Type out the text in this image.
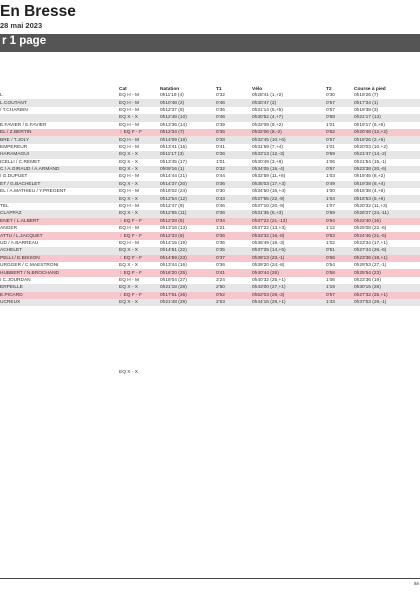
En Bresse
28 mai 2023
r 1 page
	Cat	Natation	T1	Vélo	T2	Course à pied
L	EQ H - M	0h11'19 (4)	0'32	0h28'41 (1,+2)	0'30	0h19'26 (7)
L.COUTANT	EQ H - M	0h10'48 (2)	0'46	0h30'47 (2)	0'57	0h17'34 (1)
/ T.CHARBIN	EQ H - M	0h12'37 (8)	0'36	0h31'14 (5,+5)	0'57	0h18'38 (3)
	EQ X - X	0h12'48 (10)	0'46	0h30'52 (4,+7)	0'58	0h21'17 (13)
E.FAVIER / E.FAVIER	EQ H - M	0h13'36 (14)	0'39	0h32'09 (9,+2)	1'01	0h19'17 (6,+6)
EL / Z.BERTIN	♀EQ F - F	0h12'34 (7)	0'35	0h32'06 (8,-2)	0'52	0h20'48 (12,+2)
BRE / T.JOLY	EQ H - M	0h14'09 (18)	0'38	0h32'45 (10,+6)	0'57	0h18'26 (2,+5)
EMPEREUR	EQ H - M	0h13'41 (15)	0'41	0h31'59 (7,+4)	1'01	0h20'03 (10,+2)
HARAMAGUI	EQ X - X	0h11'17 (3)	0'36	0h33'13 (12,-3)	0'59	0h21'47 (14,-2)
ICELLI / C.REMET	EQ X - X	0h13'45 (17)	1'01	0h30'49 (3,+8)	1'06	0h21'54 (15,-1)
C / A.GIRAUD / A.ARMAND	EQ X - X	0h09'16 (1)	0'32	0h34'05 (15,-4)	0'57	0h23'38 (20,-6)
/ G.DUPUET	EQ H - M	0h14'44 (21)	0'44	0h32'59 (11,+8)	1'03	0h19'45 (8,+2)
ET / G.BACHELET	EQ X - X	0h14'37 (20)	0'36	0h35'03 (17,+3)	0'49	0h19'38 (8,+4)
EL / A.MATHIEU / Y.PREGENT	EQ H - M	0h16'02 (24)	0'30	0h34'50 (16,+4)	1'00	0h18'38 (4,+6)
	EQ X - X	0h12'54 (12)	0'43	0h37'55 (22,-9)	1'04	0h18'53 (5,+6)
TEL	EQ H - M	0h12'47 (9)	0'46	0h37'10 (20,-9)	1'07	0h20'32 (11,+3)
CLAPPAZ	EQ X - X	0h12'55 (11)	0'36	0h31'35 (6,+3)	0'59	0h26'27 (24,-11)
ENET / L.ALBERT	♀EQ F - F	0h12'28 (5)	0'34	0h37'22 (21,-13)	0'54	0h22'40 (16)
ANGER	EQ H - M	0h13'16 (13)	1'21	0h37'22 (13,+3)	1'12	0h25'08 (22,-6)
ATTU / L.JACQUET	♀EQ F - F	0h12'33 (6)	0'36	0h33'32 (16,-8)	0'53	0h24'46 (21,-5)
UD / A.BARREAU	EQ H - M	0h14'15 (19)	0'36	0h36'49 (19,-3)	1'02	0h23'34 (17,+1)
ACHELET	EQ X - X	0h14'51 (22)	0'35	0h37'25 (14,+5)	0'51	0h27'44 (26,-6)
PELLI / E.BISSON	♀EQ F - F	0h14'59 (23)	0'37	0h39'13 (23,-1)	0'56	0h23'36 (18,+1)
URGGER / C.MAESTRONI	EQ X - X	0h13'44 (16)	0'36	0h39'20 (24,-8)	0'54	0h29'53 (27,-1)
HUBBERT / N.BROCHAND	♀EQ F - F	0h16'20 (25)	0'41	0h40'44 (26)	0'58	0h25'54 (23)
/ C.JOURDAN	EQ H - M	0h18'04 (27)	3'24	0h40'32 (25,+1)	1'06	0h23'36 (19)
ERPEILLE	EQ X - X	0h21'18 (28)	2'50	0h43'00 (27,+1)	1'19	0h30'15 (28)
E.PICARD	♀EQ F - F	0h17'51 (26)	0'52	0h52'03 (29,-3)	0'57	0h27'32 (25,+1)
UCREUX	EQ X - X	0h21'48 (29)	2'53	0h44'16 (28,+1)	1'43	0h37'53 (29,-1)
EQ X - X
ité
